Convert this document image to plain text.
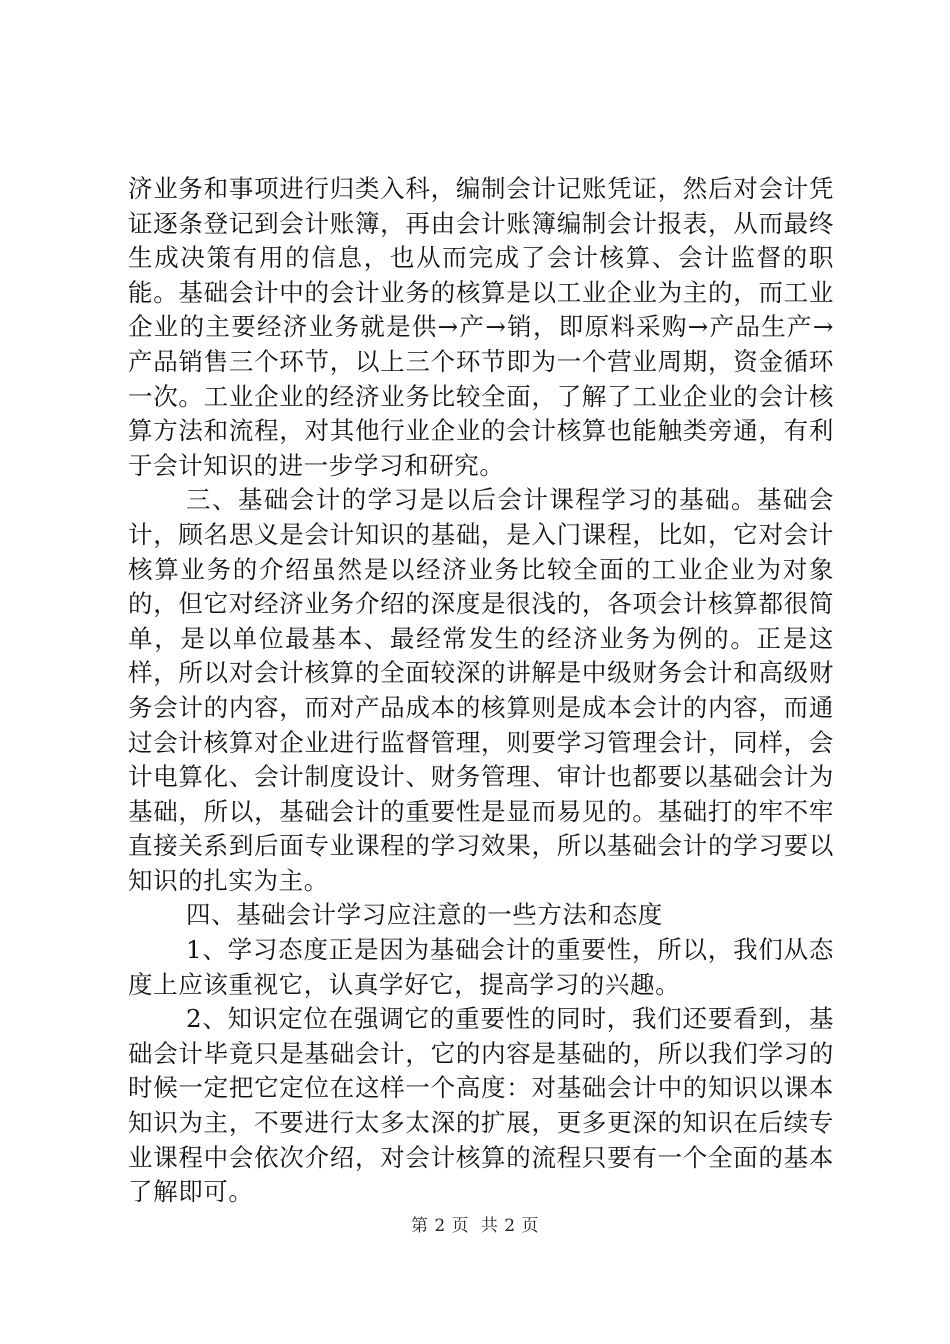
济业务和事项进行归类入科，编制会计记账凭证，然后对会计凭证逐条登记到会计账簿，再由会计账簿编制会计报表，从而最终生成决策有用的信息，也从而完成了会计核算、会计监督的职能。基础会计中的会计业务的核算是以工业企业为主的，而工业企业的主要经济业务就是供→产→销，即原料采购→产品生产→产品销售三个环节，以上三个环节即为一个营业周期，资金循环一次。工业企业的经济业务比较全面，了解了工业企业的会计核算方法和流程，对其他行业企业的会计核算也能触类旁通，有利于会计知识的进一步学习和研究。

三、基础会计的学习是以后会计课程学习的基础。基础会计，顾名思义是会计知识的基础，是入门课程，比如，它对会计核算业务的介绍虽然是以经济业务比较全面的工业企业为对象的，但它对经济业务介绍的深度是很浅的，各项会计核算都很简单，是以单位最基本、最经常发生的经济业务为例的。正是这样，所以对会计核算的全面较深的讲解是中级财务会计和高级财务会计的内容，而对产品成本的核算则是成本会计的内容，而通过会计核算对企业进行监督管理，则要学习管理会计，同样，会计电算化、会计制度设计、财务管理、审计也都要以基础会计为基础，所以，基础会计的重要性是显而易见的。基础打的牢不牢直接关系到后面专业课程的学习效果，所以基础会计的学习要以知识的扎实为主。

四、基础会计学习应注意的一些方法和态度

1、学习态度正是因为基础会计的重要性，所以，我们从态度上应该重视它，认真学好它，提高学习的兴趣。

2、知识定位在强调它的重要性的同时，我们还要看到，基础会计毕竟只是基础会计，它的内容是基础的，所以我们学习的时候一定把它定位在这样一个高度：对基础会计中的知识以课本知识为主，不要进行太多太深的扩展，更多更深的知识在后续专业课程中会依次介绍，对会计核算的流程只要有一个全面的基本了解即可。

第 2 页 共 2 页
